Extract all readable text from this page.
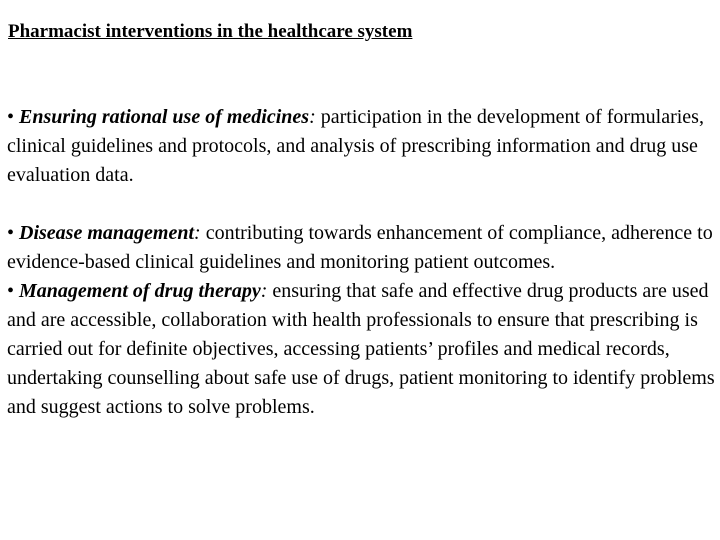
Pharmacist interventions in the healthcare system

• Ensuring rational use of medicines: participation in the development of formularies, clinical guidelines and protocols, and analysis of prescribing information and drug use evaluation data.

• Disease management: contributing towards enhancement of compliance, adherence to evidence-based clinical guidelines and monitoring patient outcomes.

• Management of drug therapy: ensuring that safe and effective drug products are used and are accessible, collaboration with health professionals to ensure that prescribing is carried out for definite objectives, accessing patients’ profiles and medical records, undertaking counselling about safe use of drugs, patient monitoring to identify problems and suggest actions to solve problems.
